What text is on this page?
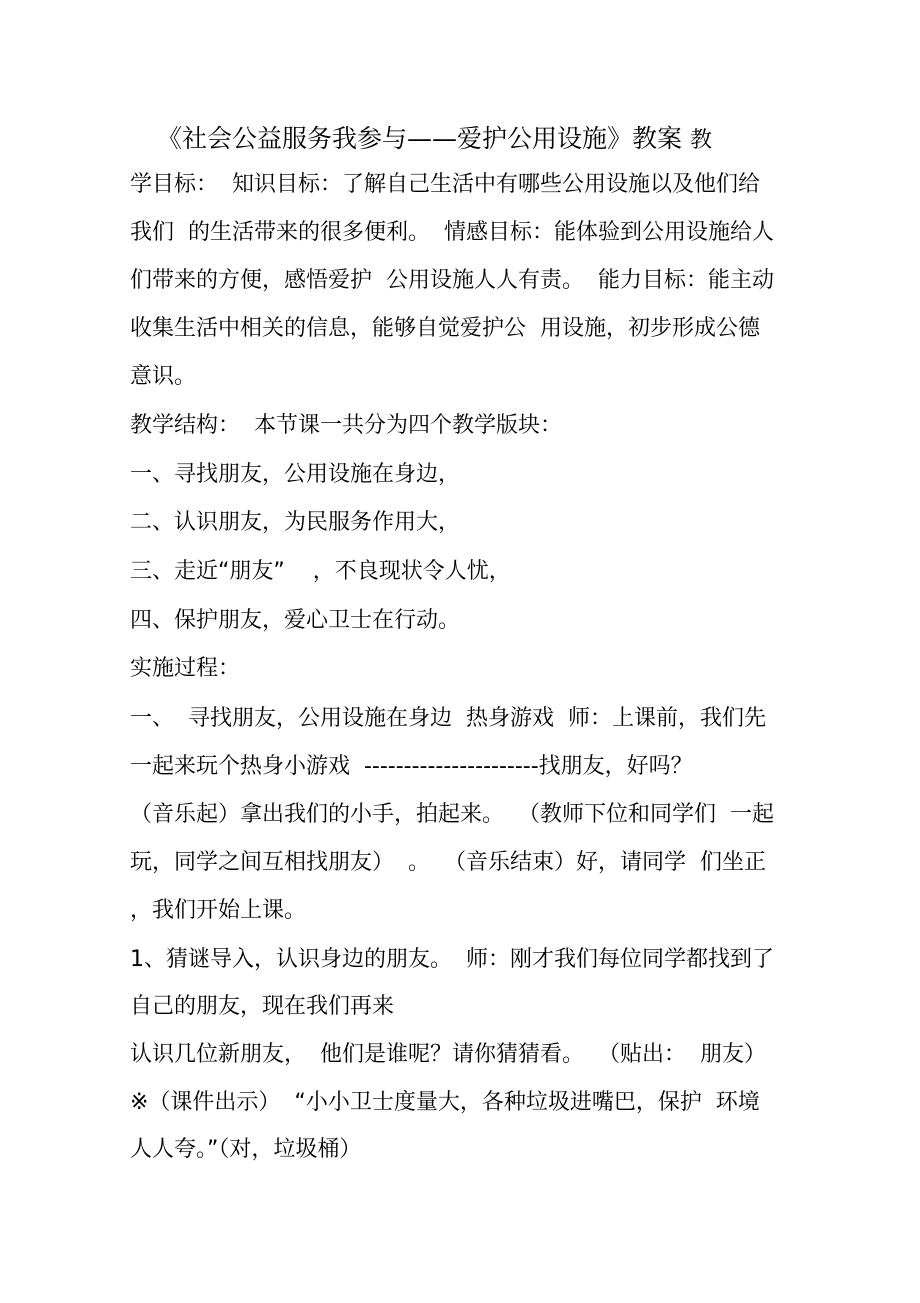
《社会公益服务我参与——爱护公用设施》教案 教
学目标：  知识目标：了解自己生活中有哪些公用设施以及他们给
我们  的生活带来的很多便利。  情感目标：能体验到公用设施给人
们带来的方便，感悟爱护  公用设施人人有责。  能力目标：能主动
收集生活中相关的信息，能够自觉爱护公  用设施，初步形成公德
意识。
教学结构：  本节课一共分为四个教学版块：
一、寻找朋友，公用设施在身边，
二、认识朋友，为民服务作用大，
三、走近“朋友”    ，不良现状令人忧，
四、保护朋友，爱心卫士在行动。
实施过程：
一、  寻找朋友，公用设施在身边  热身游戏  师：上课前，我们先
一起来玩个热身小游戏  ----------------------找朋友，好吗？
（音乐起）拿出我们的小手，拍起来。  （教师下位和同学们  一起
玩，同学之间互相找朋友）  。  （音乐结束）好，请同学  们坐正
，我们开始上课。
1、猜谜导入，认识身边的朋友。  师：刚才我们每位同学都找到了
自己的朋友，现在我们再来
认识几位新朋友，  他们是谁呢？请你猜猜看。  （贴出：  朋友）
※（课件出示）  “小小卫士度量大，各种垃圾进嘴巴，保护  环境
人人夸。”（对，垃圾桶）
